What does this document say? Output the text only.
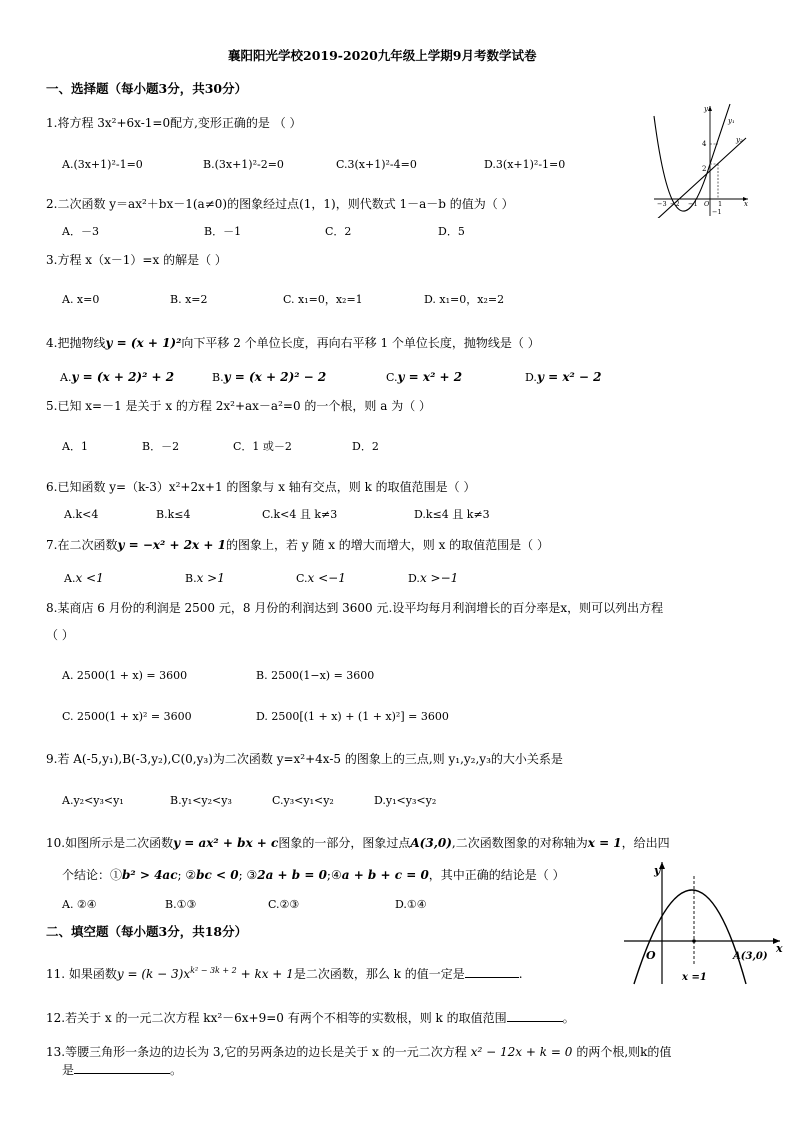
襄阳阳光学校2019-2020九年级上学期9月考数学试卷
一、选择题（每小题3分，共30分）
1.将方程 3x²+6x-1=0配方,变形正确的是 （ ）
A.(3x+1)²-1=0	B.(3x+1)²-2=0	C.3(x+1)²-4=0	D.3(x+1)²-1=0
y
x
y₁
y₂
4
2
−1
−3 −2 −1 O 1
2.二次函数 y＝ax²＋bx－1(a≠0)的图象经过点(1，1)，则代数式 1－a－b 的值为（ ）
A．－3	B．－1	C．2	D．5
3.方程 x（x－1）=x 的解是（ ）
A. x=0	B. x=2	C. x₁=0，x₂=1	D. x₁=0，x₂=2
4.把抛物线y = (x + 1)²向下平移 2 个单位长度，再向右平移 1 个单位长度，抛物线是（ ）
A.y = (x + 2)² + 2	B.y = (x + 2)² − 2	C.y = x² + 2	D.y = x² − 2
5.已知 x=－1 是关于 x 的方程 2x²+ax－a²=0 的一个根，则 a 为（ ）
A．1	B．－2	C．1 或－2	D．2
6.已知函数 y=（k-3）x²+2x+1 的图象与 x 轴有交点，则 k 的取值范围是（ ）
A.k<4	B.k≤4	C.k<4 且 k≠3	D.k≤4 且 k≠3
7.在二次函数y = −x² + 2x + 1的图象上，若 y 随 x 的增大而增大，则 x 的取值范围是（ ）
A.x <1	B.x >1	C.x <−1	D.x >−1
8.某商店 6 月份的利润是 2500 元，8 月份的利润达到 3600 元.设平均每月利润增长的百分率是x，则可以列出方程
（ ）
A. 2500(1 + x) = 3600	B. 2500(1−x) = 3600
C. 2500(1 + x)² = 3600	D. 2500[(1 + x) + (1 + x)²] = 3600
9.若 A(-5,y₁),B(-3,y₂),C(0,y₃)为二次函数 y=x²+4x-5 的图象上的三点,则 y₁,y₂,y₃的大小关系是
A.y₂<y₃<y₁	B.y₁<y₂<y₃	C.y₃<y₁<y₂	D.y₁<y₃<y₂
10.如图所示是二次函数y = ax² + bx + c图象的一部分，图象过点A(3,0),二次函数图象的对称轴为x = 1，给出四
个结论：①b² > 4ac; ②bc < 0; ③2a + b = 0;④a + b + c = 0，其中正确的结论是（ ）
A. ②④	B.①③	C.②③	D.①④
y
x
O	A(3,0)
x =1
二、填空题（每小题3分，共18分）
11. 如果函数$y = (k - 3)x^{k^2 - 3k + 2}$ + kx + 1是二次函数，那么 k 的值一定是	.
12.若关于 x 的一元二次方程 kx²－6x+9=0 有两个不相等的实数根，则 k 的取值范围	。
13.等腰三角形一条边的边长为 3,它的另两条边的边长是关于 x 的一元二次方程 x² − 12x + k = 0 的两个根,则k的值
是	。
